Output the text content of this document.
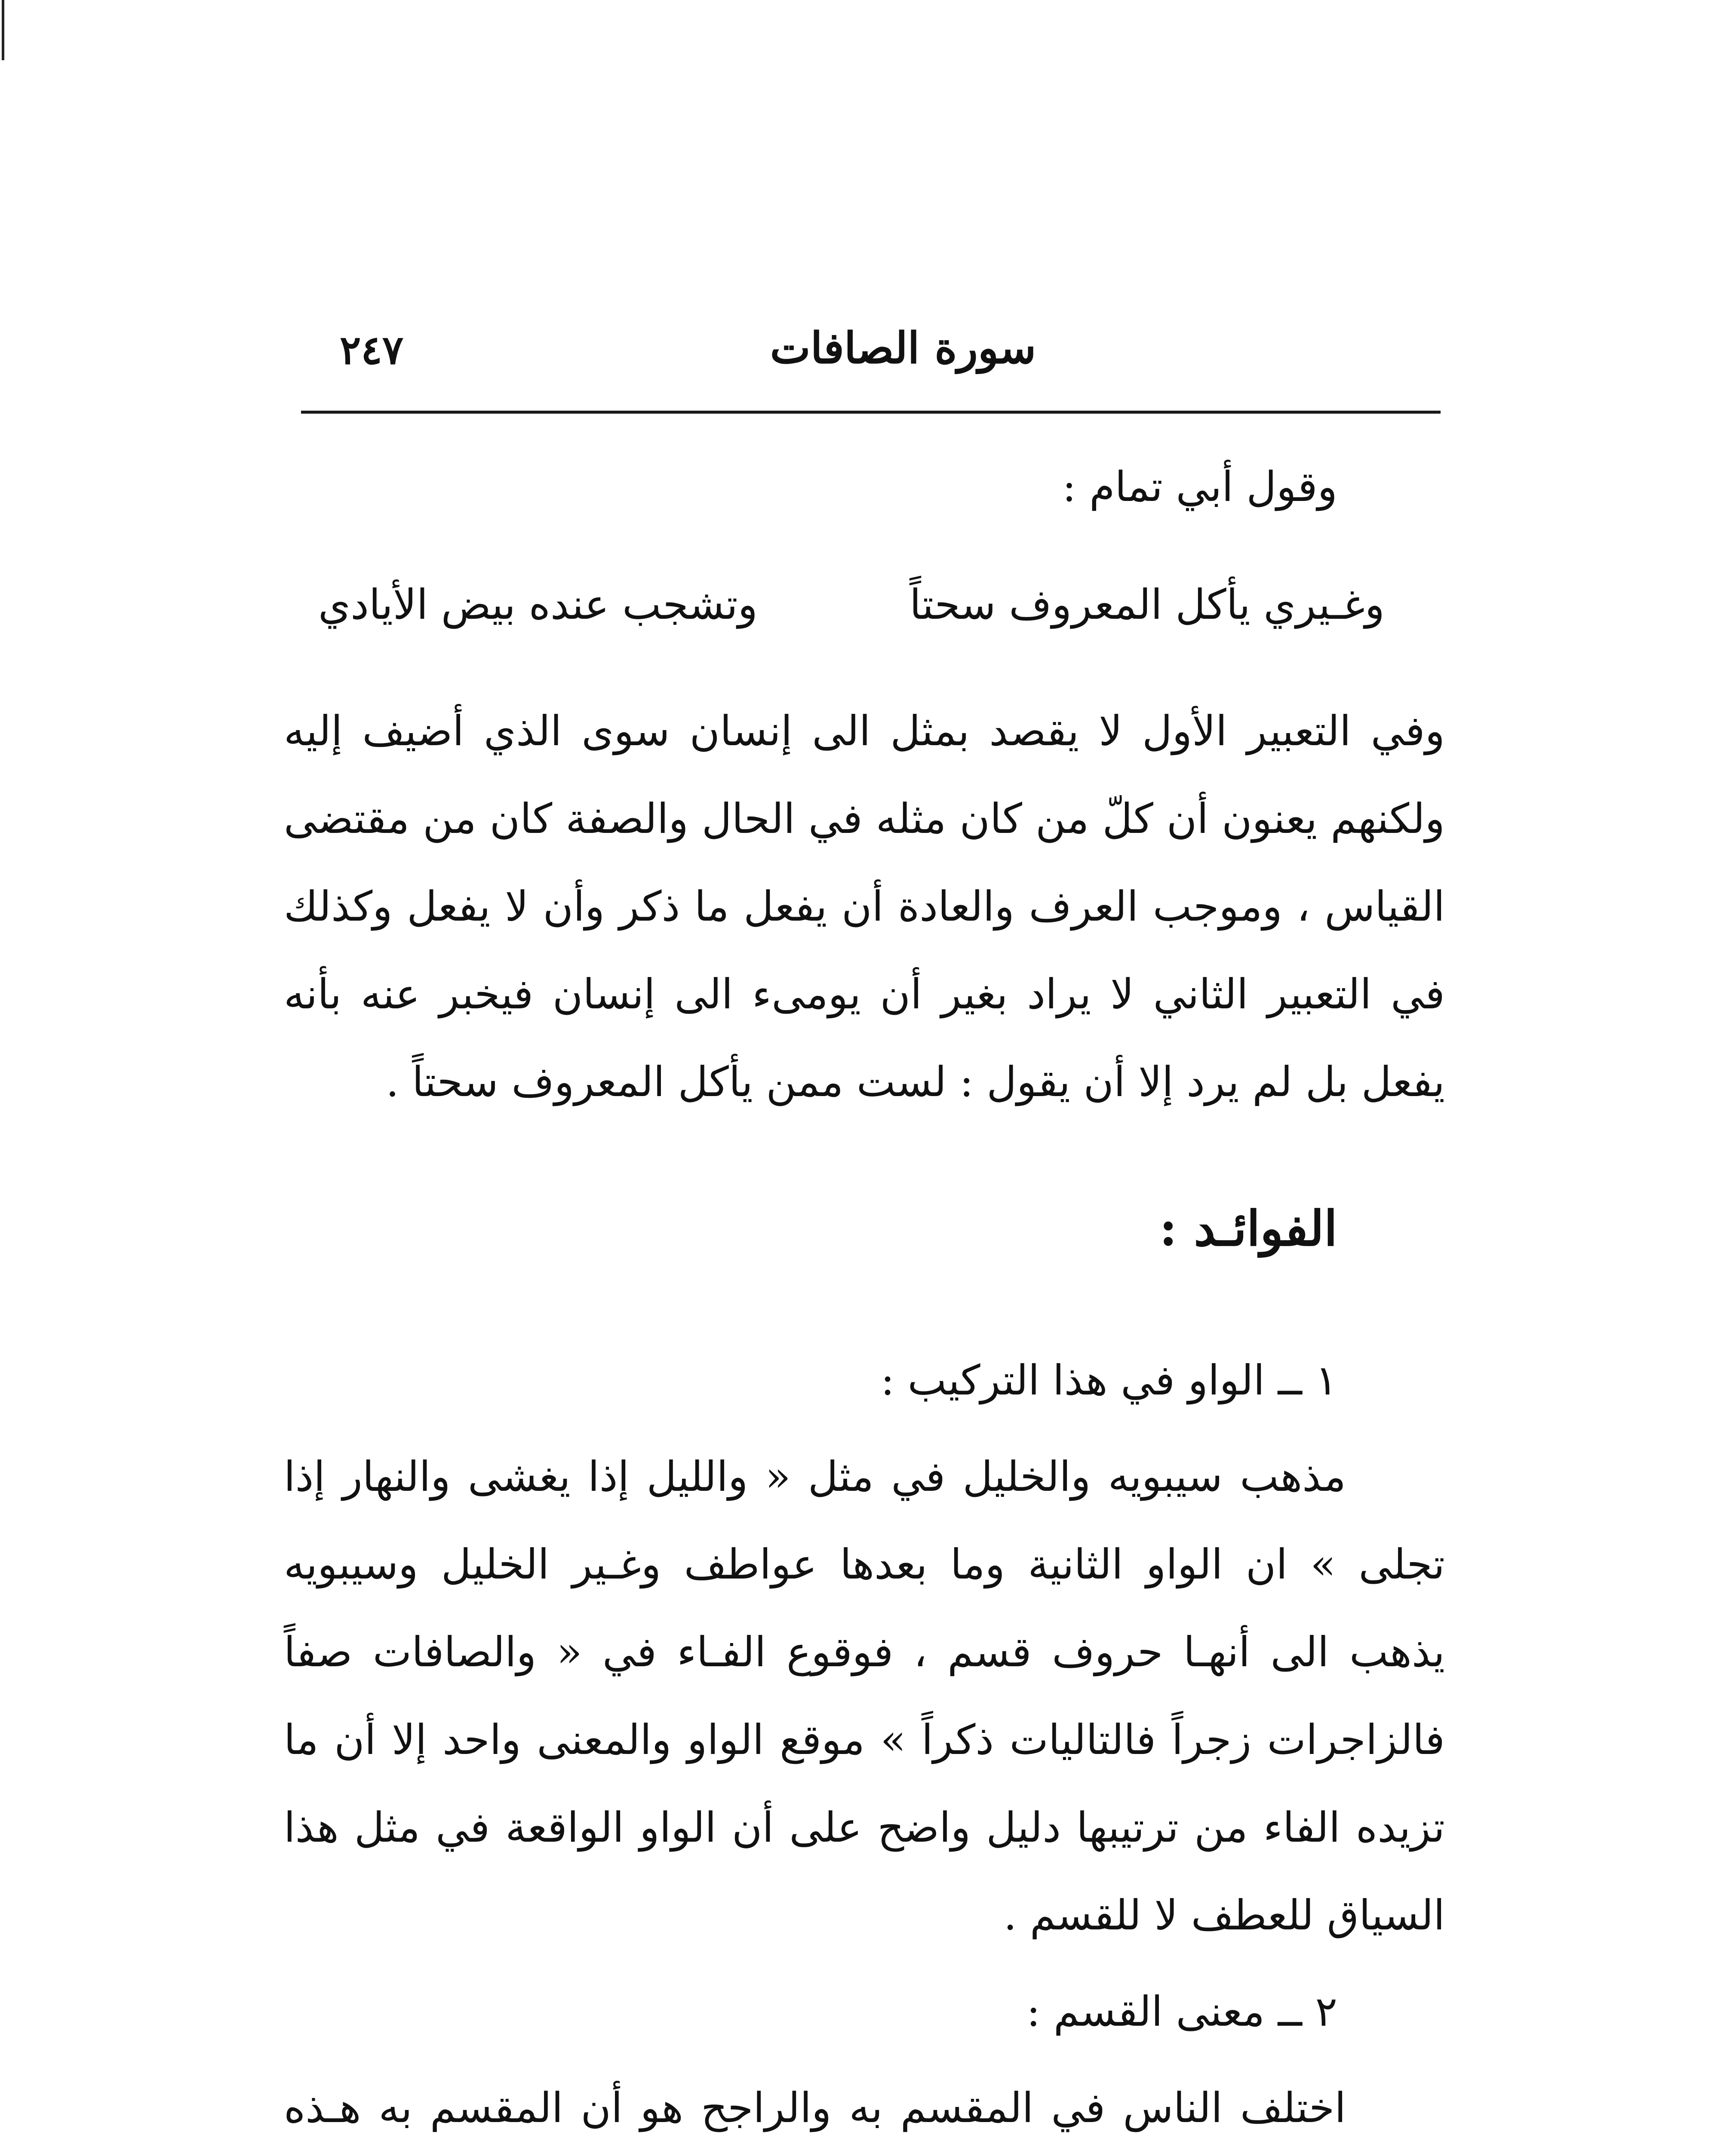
٢٤٧	سورة الصافات

وقول أبي تمام :

وغـيري يأكل المعروف سحتاً
وتشجب عنده بيض الأيادي

وفي التعبير الأول لا يقصد بمثل الى إنسان سوى الذي أضيف إليه ولكنهم يعنون أن كلّ من كان مثله في الحال والصفة كان من مقتضى القياس ، وموجب العرف والعادة أن يفعل ما ذكر وأن لا يفعل وكذلك في التعبير الثاني لا يراد بغير أن يومىء الى إنسان فيخبر عنه بأنه يفعل بل لم يرد إلا أن يقول : لست ممن يأكل المعروف سحتاً .

الفوائـد :

١ ــ الواو في هذا التركيب :

مذهب سيبويه والخليل في مثل « والليل إذا يغشى والنهار إذا تجلى » ان الواو الثانية وما بعدها عواطف وغـير الخليل وسيبويه يذهب الى أنهـا حروف قسم ، فوقوع الفـاء في « والصافات صفاً فالزاجرات زجراً فالتاليات ذكراً » موقع الواو والمعنى واحد إلا أن ما تزيده الفاء من ترتيبها دليل واضح على أن الواو الواقعة في مثل هذا السياق للعطف لا للقسم .

٢ ــ معنى القسم :

اختلف الناس في المقسم به والراجح هو أن المقسم به هـذه
